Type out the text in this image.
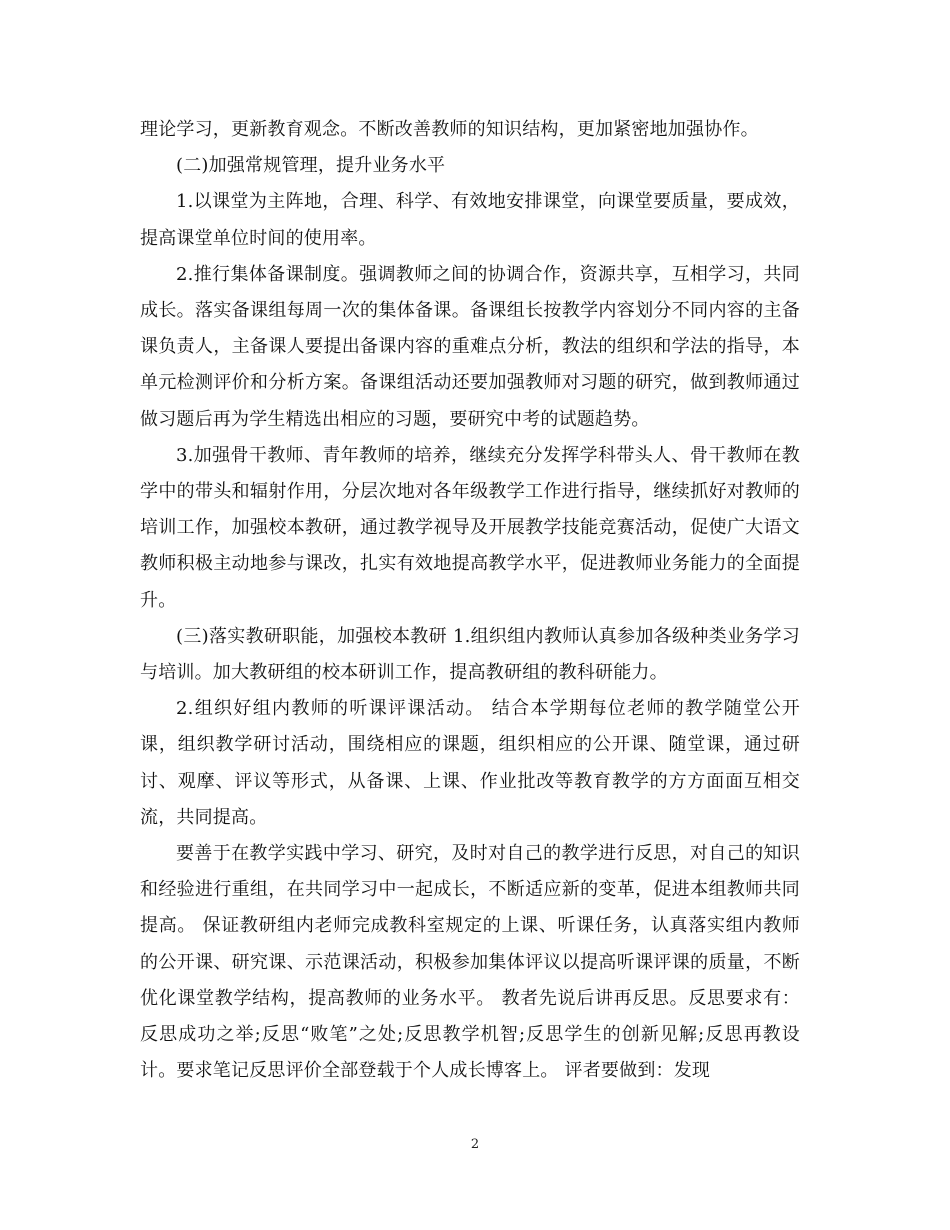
理论学习，更新教育观念。不断改善教师的知识结构，更加紧密地加强协作。

(二)加强常规管理，提升业务水平

1.以课堂为主阵地，合理、科学、有效地安排课堂，向课堂要质量，要成效，提高课堂单位时间的使用率。

2.推行集体备课制度。强调教师之间的协调合作，资源共享，互相学习，共同成长。落实备课组每周一次的集体备课。备课组长按教学内容划分不同内容的主备课负责人，主备课人要提出备课内容的重难点分析，教法的组织和学法的指导，本单元检测评价和分析方案。备课组活动还要加强教师对习题的研究，做到教师通过做习题后再为学生精选出相应的习题，要研究中考的试题趋势。

3.加强骨干教师、青年教师的培养，继续充分发挥学科带头人、骨干教师在教学中的带头和辐射作用，分层次地对各年级教学工作进行指导，继续抓好对教师的培训工作，加强校本教研，通过教学视导及开展教学技能竞赛活动，促使广大语文教师积极主动地参与课改，扎实有效地提高教学水平，促进教师业务能力的全面提升。

(三)落实教研职能，加强校本教研 1.组织组内教师认真参加各级种类业务学习与培训。加大教研组的校本研训工作，提高教研组的教科研能力。

2.组织好组内教师的听课评课活动。 结合本学期每位老师的教学随堂公开课，组织教学研讨活动，围绕相应的课题，组织相应的公开课、随堂课，通过研讨、观摩、评议等形式，从备课、上课、作业批改等教育教学的方方面面互相交流，共同提高。

要善于在教学实践中学习、研究，及时对自己的教学进行反思，对自己的知识和经验进行重组，在共同学习中一起成长，不断适应新的变革，促进本组教师共同提高。 保证教研组内老师完成教科室规定的上课、听课任务，认真落实组内教师的公开课、研究课、示范课活动，积极参加集体评议以提高听课评课的质量，不断优化课堂教学结构，提高教师的业务水平。 教者先说后讲再反思。反思要求有：反思成功之举;反思“败笔”之处;反思教学机智;反思学生的创新见解;反思再教设计。要求笔记反思评价全部登载于个人成长博客上。 评者要做到：发现

2
